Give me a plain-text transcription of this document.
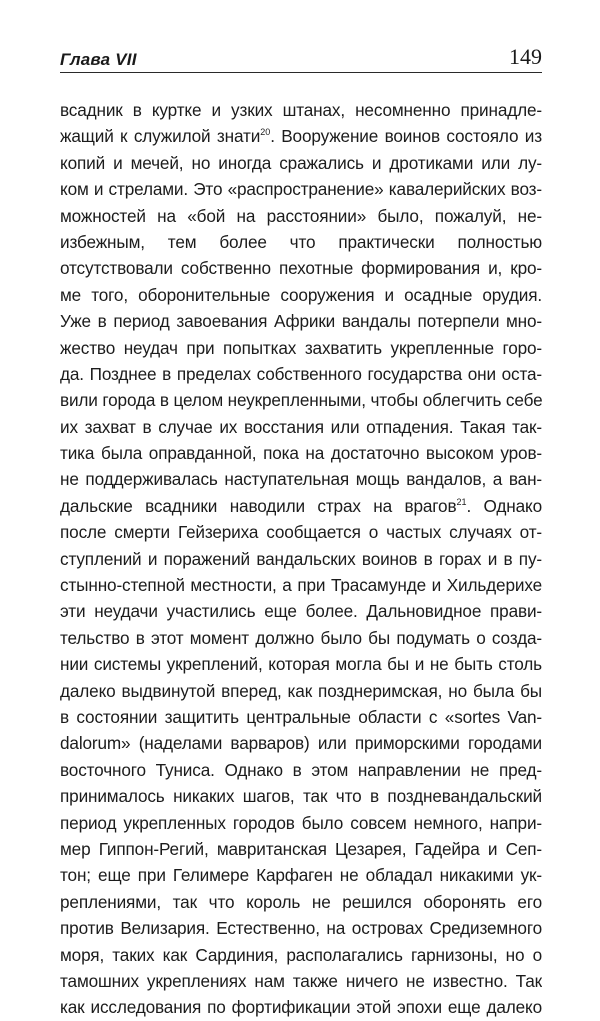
Глава VII	149
всадник в куртке и узких штанах, несомненно принадле-
жащий к служилой знати$^{20}$. Вооружение воинов состояло из
копий и мечей, но иногда сражались и дротиками или лу-
ком и стрелами. Это «распространение» кавалерийских воз-
можностей на «бой на расстоянии» было, пожалуй, не-
избежным, тем более что практически полностью
отсутствовали собственно пехотные формирования и, кро-
ме того, оборонительные сооружения и осадные орудия.
Уже в период завоевания Африки вандалы потерпели мно-
жество неудач при попытках захватить укрепленные горо-
да. Позднее в пределах собственного государства они оста-
вили города в целом неукрепленными, чтобы облегчить себе
их захват в случае их восстания или отпадения. Такая так-
тика была оправданной, пока на достаточно высоком уров-
не поддерживалась наступательная мощь вандалов, а ван-
дальские всадники наводили страх на врагов$^{21}$. Однако
после смерти Гейзериха сообщается о частых случаях от-
ступлений и поражений вандальских воинов в горах и в пу-
стынно-степной местности, а при Трасамунде и Хильдерихе
эти неудачи участились еще более. Дальновидное прави-
тельство в этот момент должно было бы подумать о созда-
нии системы укреплений, которая могла бы и не быть столь
далеко выдвинутой вперед, как позднеримская, но была бы
в состоянии защитить центральные области с «sortes Van-
dalorum» (наделами варваров) или приморскими городами
восточного Туниса. Однако в этом направлении не пред-
принималось никаких шагов, так что в поздневандальский
период укрепленных городов было совсем немного, напри-
мер Гиппон-Регий, мавританская Цезарея, Гадейра и Сеп-
тон; еще при Гелимере Карфаген не обладал никакими ук-
реплениями, так что король не решился оборонять его
против Велизария. Естественно, на островах Средиземного
моря, таких как Сардиния, располагались гарнизоны, но о
тамошних укреплениях нам также ничего не известно. Так
как исследования по фортификации этой эпохи еще далеко
